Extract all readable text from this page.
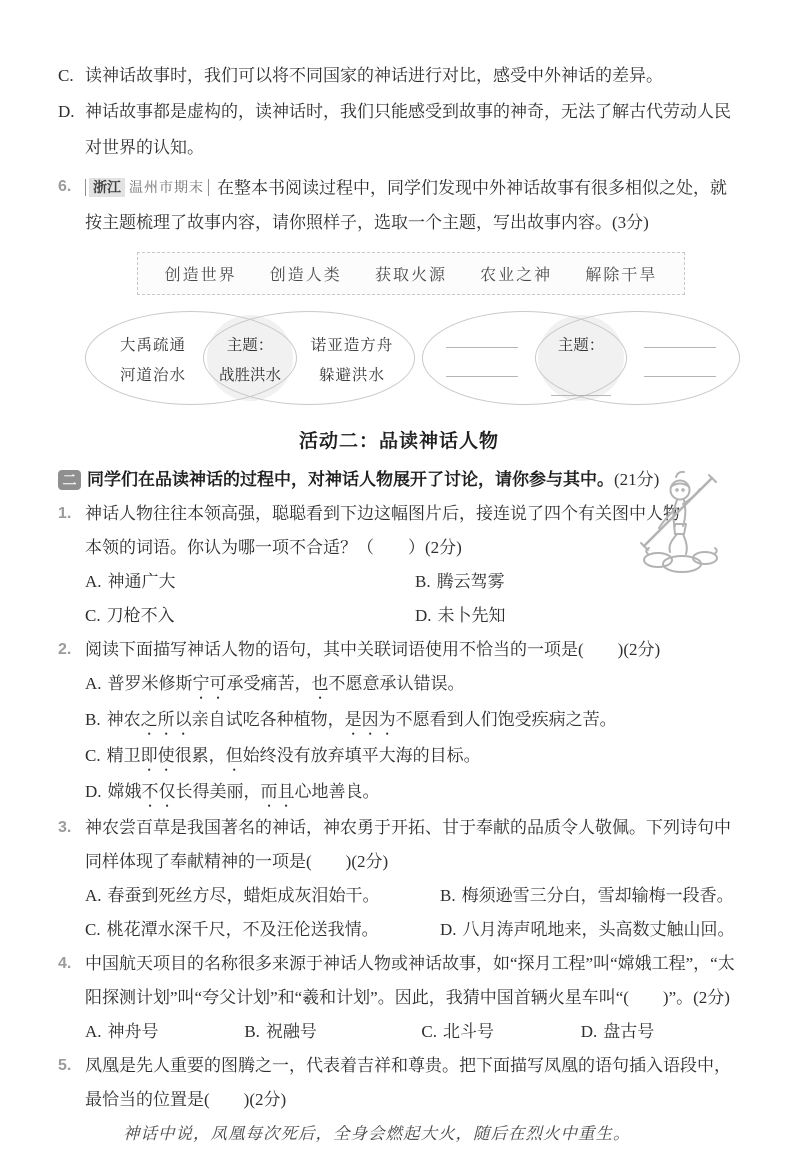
C. 读神话故事时，我们可以将不同国家的神话进行对比，感受中外神话的差异。
D. 神话故事都是虚构的，读神话时，我们只能感受到故事的神奇，无法了解古代劳动人民对世界的认知。
6. 浙江 温州市期末 在整本书阅读过程中，同学们发现中外神话故事有很多相似之处，就按主题梳理了故事内容，请你照样子，选取一个主题，写出故事内容。(3分)
创造世界 创造人类 获取火源 农业之神 解除干旱
大禹疏通
河道治水
主题：
战胜洪水
诺亚造方舟
躲避洪水
主题：
活动二：品读神话人物
二 同学们在品读神话的过程中，对神话人物展开了讨论，请你参与其中。(21分)
1. 神话人物往往本领高强，聪聪看到下边这幅图片后，接连说了四个有关图中人物本领的词语。你认为哪一项不合适？（　　）(2分)
A. 神通广大	B. 腾云驾雾
C. 刀枪不入	D. 未卜先知
2. 阅读下面描写神话人物的语句，其中关联词语使用不恰当的一项是(　　)(2分)
A. 普罗米修斯宁可承受痛苦，也不愿意承认错误。
B. 神农之所以亲自试吃各种植物，是因为不愿看到人们饱受疾病之苦。
C. 精卫即使很累，但始终没有放弃填平大海的目标。
D. 嫦娥不仅长得美丽，而且心地善良。
3. 神农尝百草是我国著名的神话，神农勇于开拓、甘于奉献的品质令人敬佩。下列诗句中同样体现了奉献精神的一项是(　　)(2分)
A. 春蚕到死丝方尽，蜡炬成灰泪始干。	B. 梅须逊雪三分白，雪却输梅一段香。
C. 桃花潭水深千尺，不及汪伦送我情。	D. 八月涛声吼地来，头高数丈触山回。
4. 中国航天项目的名称很多来源于神话人物或神话故事，如“探月工程”叫“嫦娥工程”，“太阳探测计划”叫“夸父计划”和“羲和计划”。因此，我猜中国首辆火星车叫“(　　)”。(2分)
A. 神舟号	B. 祝融号	C. 北斗号	D. 盘古号
5. 凤凰是先人重要的图腾之一，代表着吉祥和尊贵。把下面描写凤凰的语句插入语段中，最恰当的位置是(　　)(2分)
神话中说，凤凰每次死后，全身会燃起大火，随后在烈火中重生。
